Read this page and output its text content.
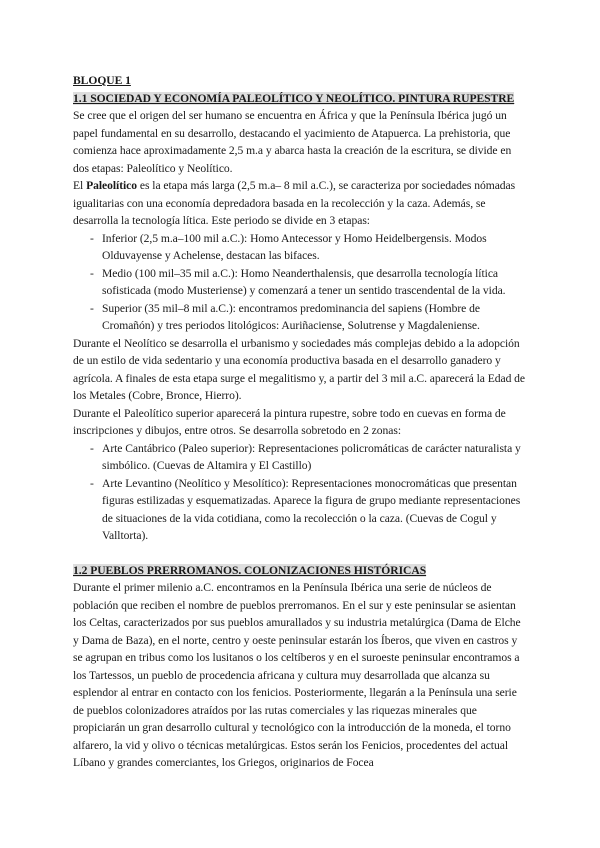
BLOQUE 1

1.1 SOCIEDAD Y ECONOMÍA PALEOLÍTICO Y NEOLÍTICO. PINTURA RUPESTRE

Se cree que el origen del ser humano se encuentra en África y que la Península Ibérica jugó un papel fundamental en su desarrollo, destacando el yacimiento de Atapuerca. La prehistoria, que comienza hace aproximadamente 2,5 m.a y abarca hasta la creación de la escritura, se divide en dos etapas: Paleolítico y Neolítico.

El Paleolítico es la etapa más larga (2,5 m.a– 8 mil a.C.), se caracteriza por sociedades nómadas igualitarias con una economía depredadora basada en la recolección y la caza. Además, se desarrolla la tecnología lítica. Este periodo se divide en 3 etapas:

- Inferior (2,5 m.a–100 mil a.C.): Homo Antecessor y Homo Heidelbergensis. Modos Olduvayense y Achelense, destacan las bifaces.
- Medio (100 mil–35 mil a.C.): Homo Neanderthalensis, que desarrolla tecnología lítica sofisticada (modo Musteriense) y comenzará a tener un sentido trascendental de la vida.
- Superior (35 mil–8 mil a.C.): encontramos predominancia del sapiens (Hombre de Cromañón) y tres periodos litológicos: Auriñaciense, Solutrense y Magdaleniense.

Durante el Neolítico se desarrolla el urbanismo y sociedades más complejas debido a la adopción de un estilo de vida sedentario y una economía productiva basada en el desarrollo ganadero y agrícola. A finales de esta etapa surge el megalitismo y, a partir del 3 mil a.C. aparecerá la Edad de los Metales (Cobre, Bronce, Hierro).

Durante el Paleolítico superior aparecerá la pintura rupestre, sobre todo en cuevas en forma de inscripciones y dibujos, entre otros. Se desarrolla sobretodo en 2 zonas:

- Arte Cantábrico (Paleo superior): Representaciones policromáticas de carácter naturalista y simbólico. (Cuevas de Altamira y El Castillo)
- Arte Levantino (Neolítico y Mesolítico): Representaciones monocromáticas que presentan figuras estilizadas y esquematizadas. Aparece la figura de grupo mediante representaciones de situaciones de la vida cotidiana, como la recolección o la caza. (Cuevas de Cogul y Valltorta).

1.2 PUEBLOS PRERROMANOS. COLONIZACIONES HISTÓRICAS

Durante el primer milenio a.C. encontramos en la Península Ibérica una serie de núcleos de población que reciben el nombre de pueblos prerromanos. En el sur y este peninsular se asientan los Celtas, caracterizados por sus pueblos amurallados y su industria metalúrgica (Dama de Elche y Dama de Baza), en el norte, centro y oeste peninsular estarán los Íberos, que viven en castros y se agrupan en tribus como los lusitanos o los celtíberos y en el suroeste peninsular encontramos a los Tartessos, un pueblo de procedencia africana y cultura muy desarrollada que alcanza su esplendor al entrar en contacto con los fenicios. Posteriormente, llegarán a la Península una serie de pueblos colonizadores atraídos por las rutas comerciales y las riquezas minerales que propiciarán un gran desarrollo cultural y tecnológico con la introducción de la moneda, el torno alfarero, la vid y olivo o técnicas metalúrgicas. Estos serán los Fenicios, procedentes del actual Líbano y grandes comerciantes, los Griegos, originarios de Focea
